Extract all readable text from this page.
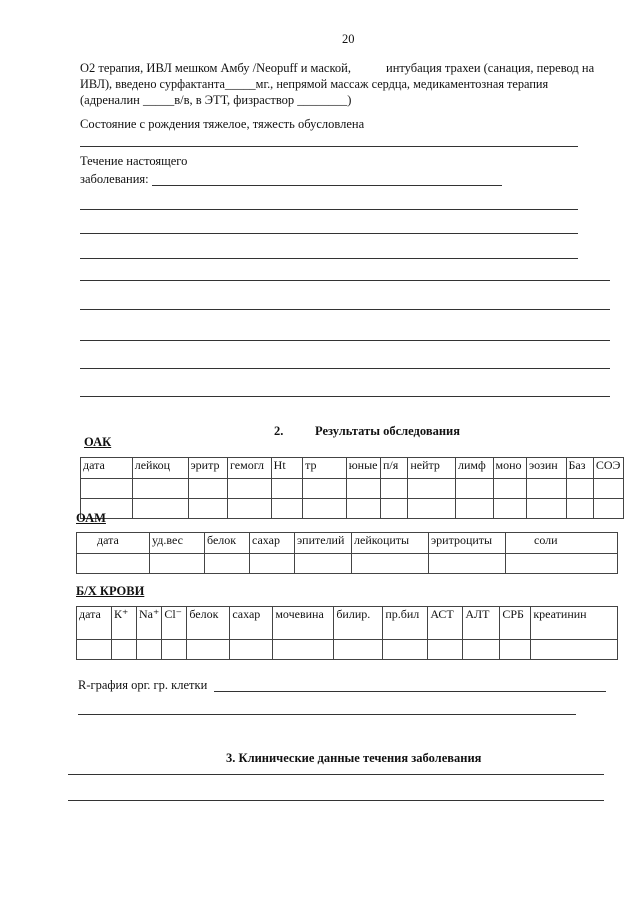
20
О2 терапия, ИВЛ мешком Амбу /Neopuff и маской,	интубация трахеи (санация, перевод на
ИВЛ), введено сурфактанта_____мг., непрямой массаж сердца, медикаментозная терапия
(адреналин _____в/в, в ЭТТ, физраствор ________)
Состояние с рождения тяжелое, тяжесть обусловлена
Течение настоящего
заболевания:
2.	Результаты обследования
ОАК
дата	лейкоц	эритр	гемогл	Ht	тр	юные	п/я	нейтр	лимф	моно	эозин	Баз	СОЭ

ОАМ
дата	уд.вес	белок	сахар	эпителий	лейкоциты	эритроциты	соли

Б/Х КРОВИ
дата	К⁺	Na⁺	Cl⁻	белок	сахар	мочевина	билир.	пр.бил	АСТ	АЛТ	СРБ	креатинин

R-графия орг. гр. клетки
3. Клинические данные течения заболевания
